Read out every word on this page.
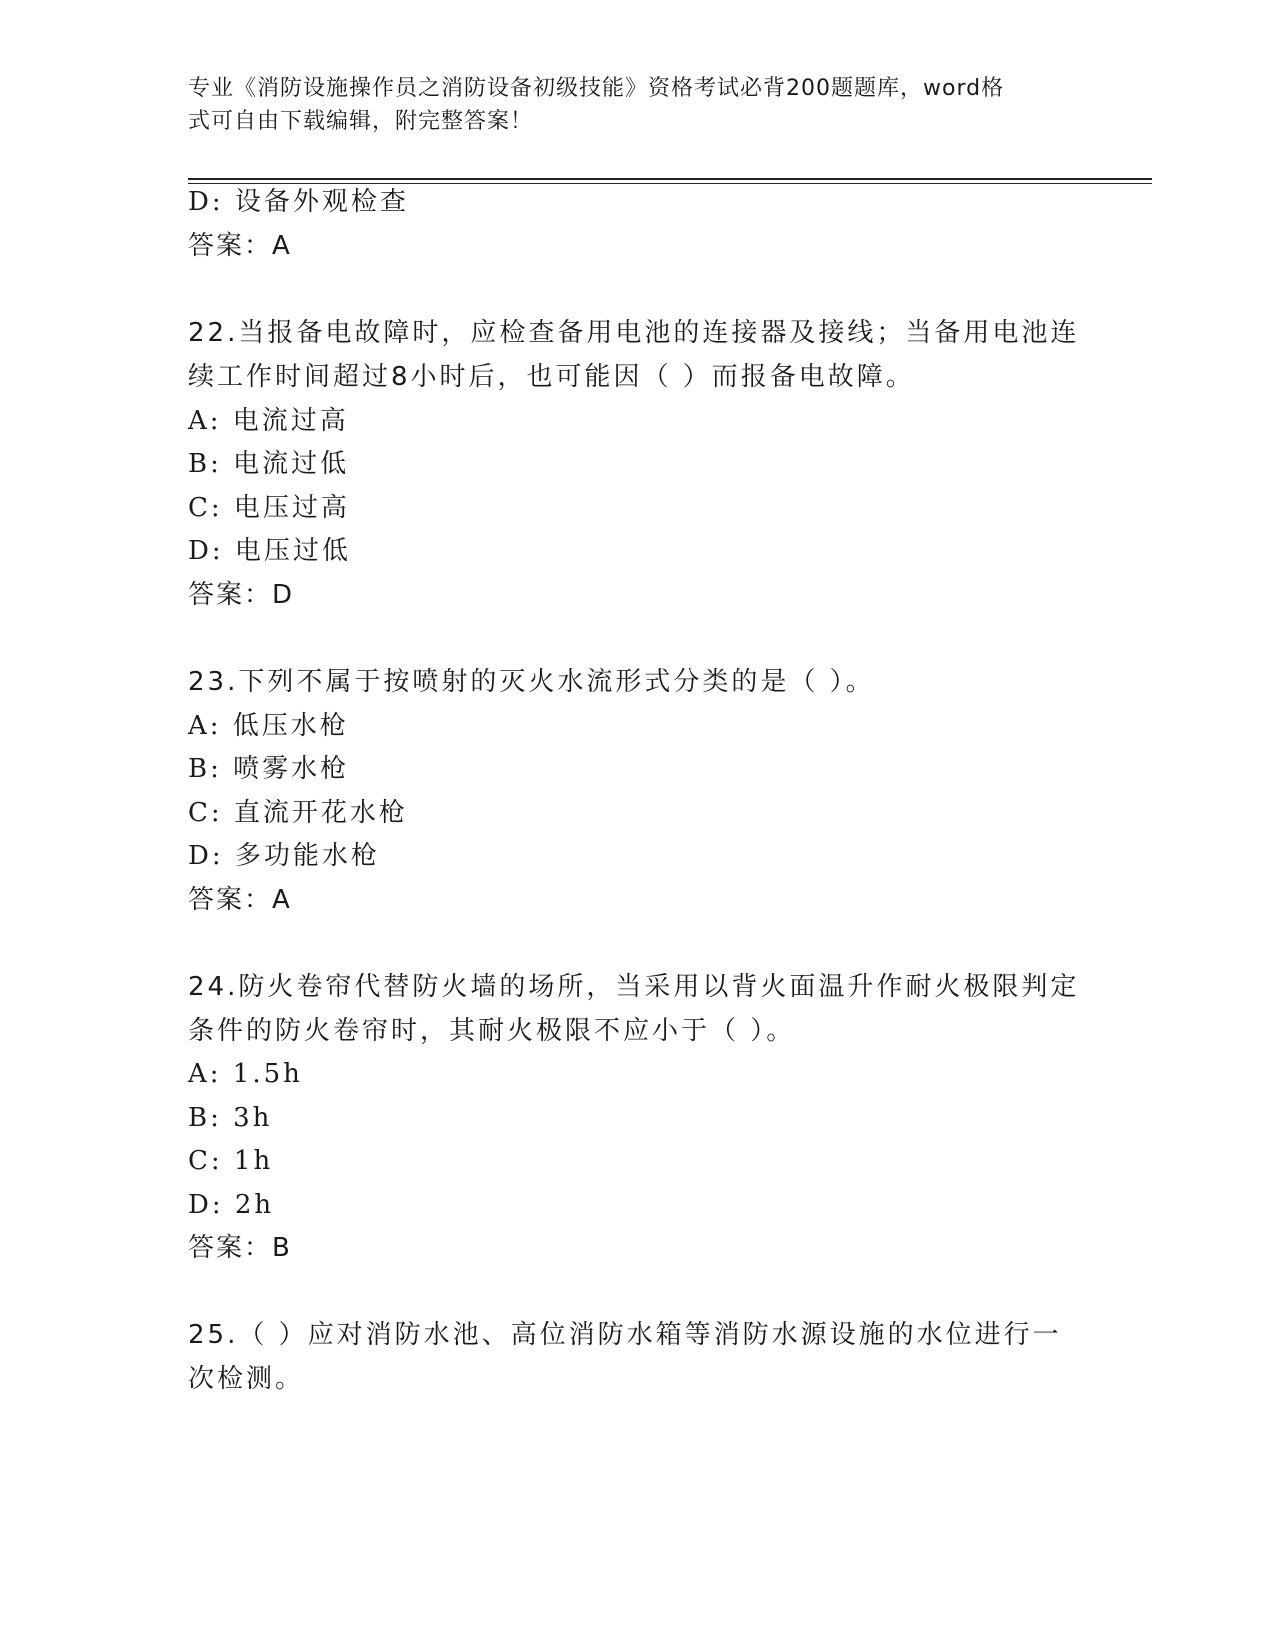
专业《消防设施操作员之消防设备初级技能》资格考试必背200题题库，word格
式可自由下载编辑，附完整答案！
D: 设备外观检查
答案：A
22.当报备电故障时，应检查备用电池的连接器及接线；当备用电池连
续工作时间超过8小时后，也可能因（ ）而报备电故障。
A: 电流过高
B: 电流过低
C: 电压过高
D: 电压过低
答案：D
23.下列不属于按喷射的灭火水流形式分类的是（ ）。
A: 低压水枪
B: 喷雾水枪
C: 直流开花水枪
D: 多功能水枪
答案：A
24.防火卷帘代替防火墙的场所，当采用以背火面温升作耐火极限判定
条件的防火卷帘时，其耐火极限不应小于（ ）。
A: 1.5h
B: 3h
C: 1h
D: 2h
答案：B
25.（ ）应对消防水池、高位消防水箱等消防水源设施的水位进行一
次检测。
